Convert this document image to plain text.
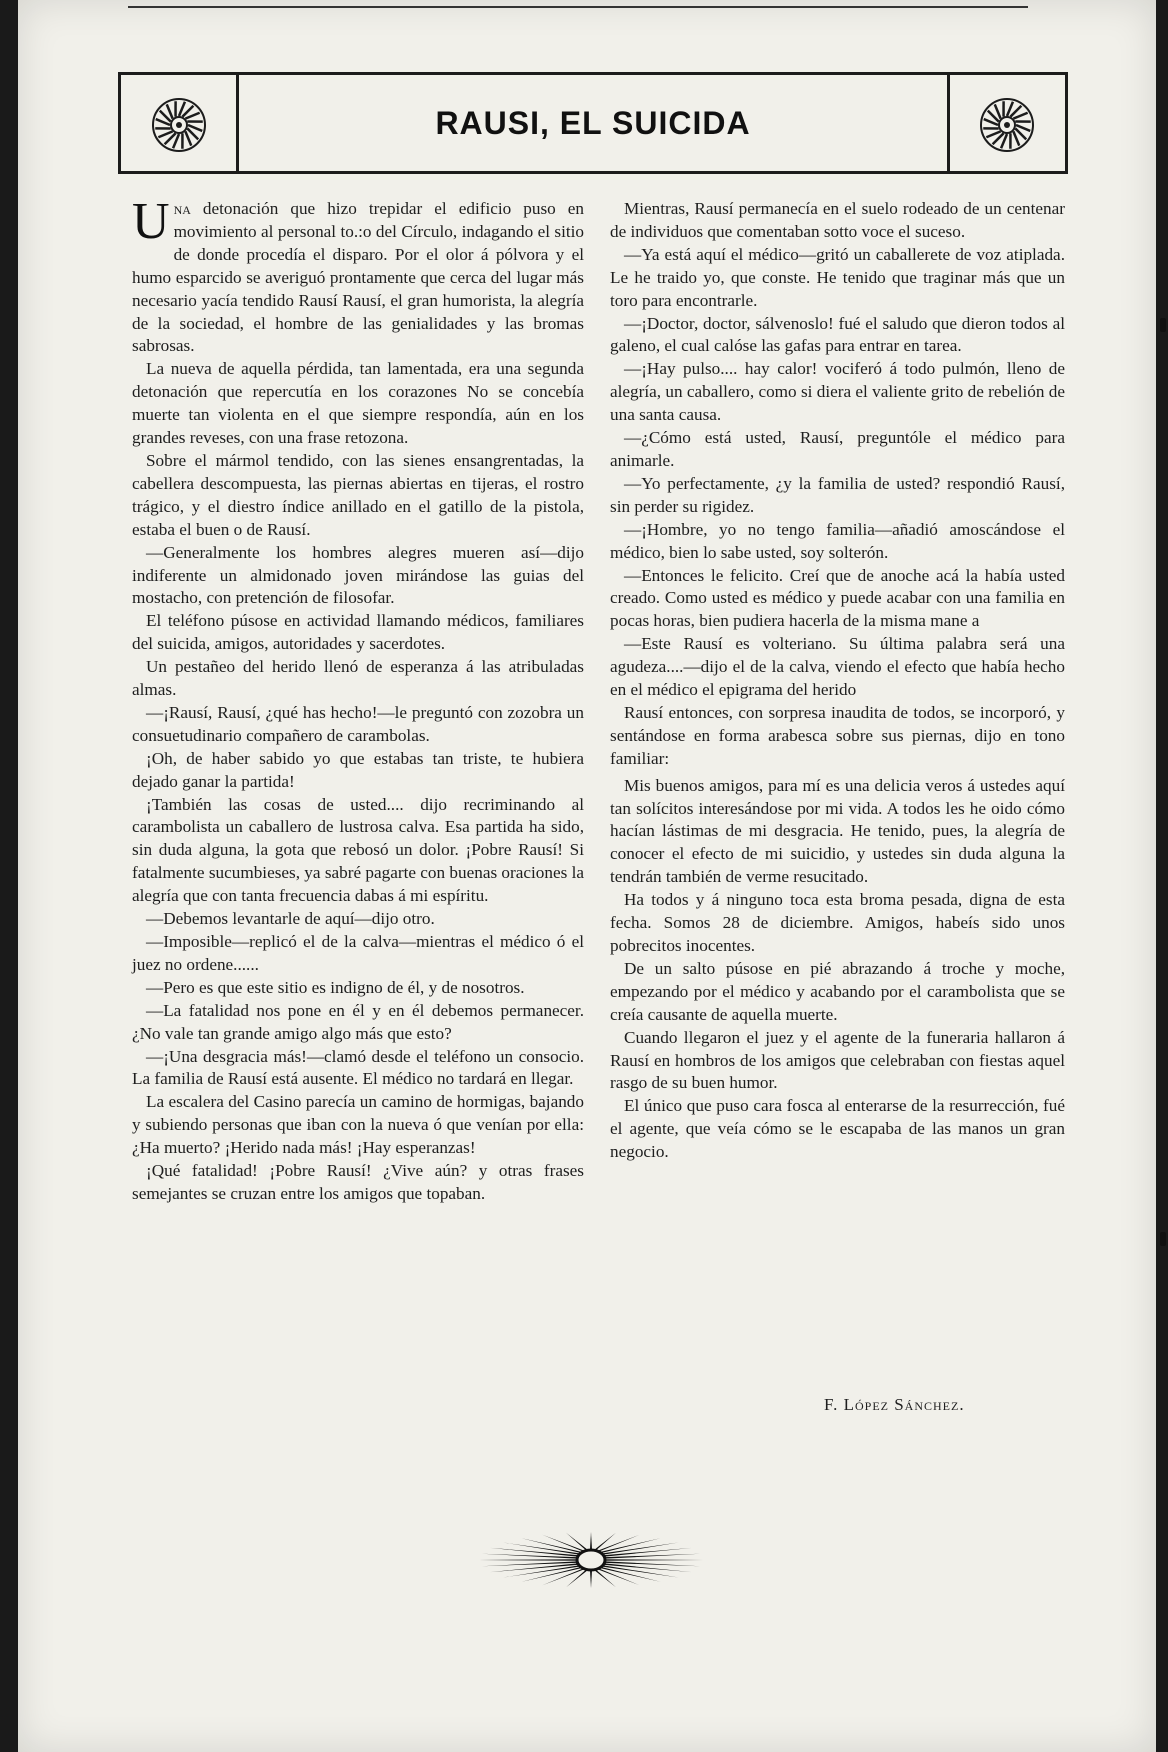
RAUSI, EL SUICIDA

Una detonación que hizo trepidar el edificio puso en movimiento al personal to.:o del Círculo, indagando el sitio de donde procedía el disparo. Por el olor á pólvora y el humo esparcido se averiguó prontamente que cerca del lugar más necesario yacía tendido Rausí Rausí, el gran humorista, la alegría de la sociedad, el hombre de las genialidades y las bromas sabrosas.

La nueva de aquella pérdida, tan lamentada, era una segunda detonación que repercutía en los corazones No se concebía muerte tan violenta en el que siempre respondía, aún en los grandes reveses, con una frase retozona.

Sobre el mármol tendido, con las sienes ensangrentadas, la cabellera descompuesta, las piernas abiertas en tijeras, el rostro trágico, y el diestro índice anillado en el gatillo de la pistola, estaba el buen o de Rausí.

—Generalmente los hombres alegres mueren así—dijo indiferente un almidonado joven mirándose las guias del mostacho, con pretención de filosofar.

El teléfono púsose en actividad llamando médicos, familiares del suicida, amigos, autoridades y sacerdotes.

Un pestañeo del herido llenó de esperanza á las atribuladas almas.

—¡Rausí, Rausí, ¿qué has hecho!—le preguntó con zozobra un consuetudinario compañero de carambolas.

¡Oh, de haber sabido yo que estabas tan triste, te hubiera dejado ganar la partida!

¡También las cosas de usted.... dijo recriminando al carambolista un caballero de lustrosa calva. Esa partida ha sido, sin duda alguna, la gota que rebosó un dolor. ¡Pobre Rausí! Si fatalmente sucumbieses, ya sabré pagarte con buenas oraciones la alegría que con tanta frecuencia dabas á mi espíritu.

—Debemos levantarle de aquí—dijo otro.

—Imposible—replicó el de la calva—mientras el médico ó el juez no ordene......

—Pero es que este sitio es indigno de él, y de nosotros.

—La fatalidad nos pone en él y en él debemos permanecer. ¿No vale tan grande amigo algo más que esto?

—¡Una desgracia más!—clamó desde el teléfono un consocio. La familia de Rausí está ausente. El médico no tardará en llegar.

La escalera del Casino parecía un camino de hormigas, bajando y subiendo personas que iban con la nueva ó que venían por ella: ¿Ha muerto? ¡Herido nada más! ¡Hay esperanzas!

¡Qué fatalidad! ¡Pobre Rausí! ¿Vive aún? y otras frases semejantes se cruzan entre los amigos que topaban.

Mientras, Rausí permanecía en el suelo rodeado de un centenar de individuos que comentaban sotto voce el suceso.

—Ya está aquí el médico—gritó un caballerete de voz atiplada. Le he traido yo, que conste. He tenido que traginar más que un toro para encontrarle.

—¡Doctor, doctor, sálvenoslo! fué el saludo que dieron todos al galeno, el cual calóse las gafas para entrar en tarea.

—¡Hay pulso.... hay calor! vociferó á todo pulmón, lleno de alegría, un caballero, como si diera el valiente grito de rebelión de una santa causa.

—¿Cómo está usted, Rausí, preguntóle el médico para animarle.

—Yo perfectamente, ¿y la familia de usted? respondió Rausí, sin perder su rigidez.

—¡Hombre, yo no tengo familia—añadió amoscándose el médico, bien lo sabe usted, soy solterón.

—Entonces le felicito. Creí que de anoche acá la había usted creado. Como usted es médico y puede acabar con una familia en pocas horas, bien pudiera hacerla de la misma mane a

—Este Rausí es volteriano. Su última palabra será una agudeza....—dijo el de la calva, viendo el efecto que había hecho en el médico el epigrama del herido

Rausí entonces, con sorpresa inaudita de todos, se incorporó, y sentándose en forma arabesca sobre sus piernas, dijo en tono familiar:

Mis buenos amigos, para mí es una delicia veros á ustedes aquí tan solícitos interesándose por mi vida. A todos les he oido cómo hacían lástimas de mi desgracia. He tenido, pues, la alegría de conocer el efecto de mi suicidio, y ustedes sin duda alguna la tendrán también de verme resucitado.

Ha todos y á ninguno toca esta broma pesada, digna de esta fecha. Somos 28 de diciembre. Amigos, habeís sido unos pobrecitos inocentes.

De un salto púsose en pié abrazando á troche y moche, empezando por el médico y acabando por el carambolista que se creía causante de aquella muerte.

Cuando llegaron el juez y el agente de la funeraria hallaron á Rausí en hombros de los amigos que celebraban con fiestas aquel rasgo de su buen humor.

El único que puso cara fosca al enterarse de la resurrección, fué el agente, que veía cómo se le escapaba de las manos un gran negocio.

F. López Sánchez.
